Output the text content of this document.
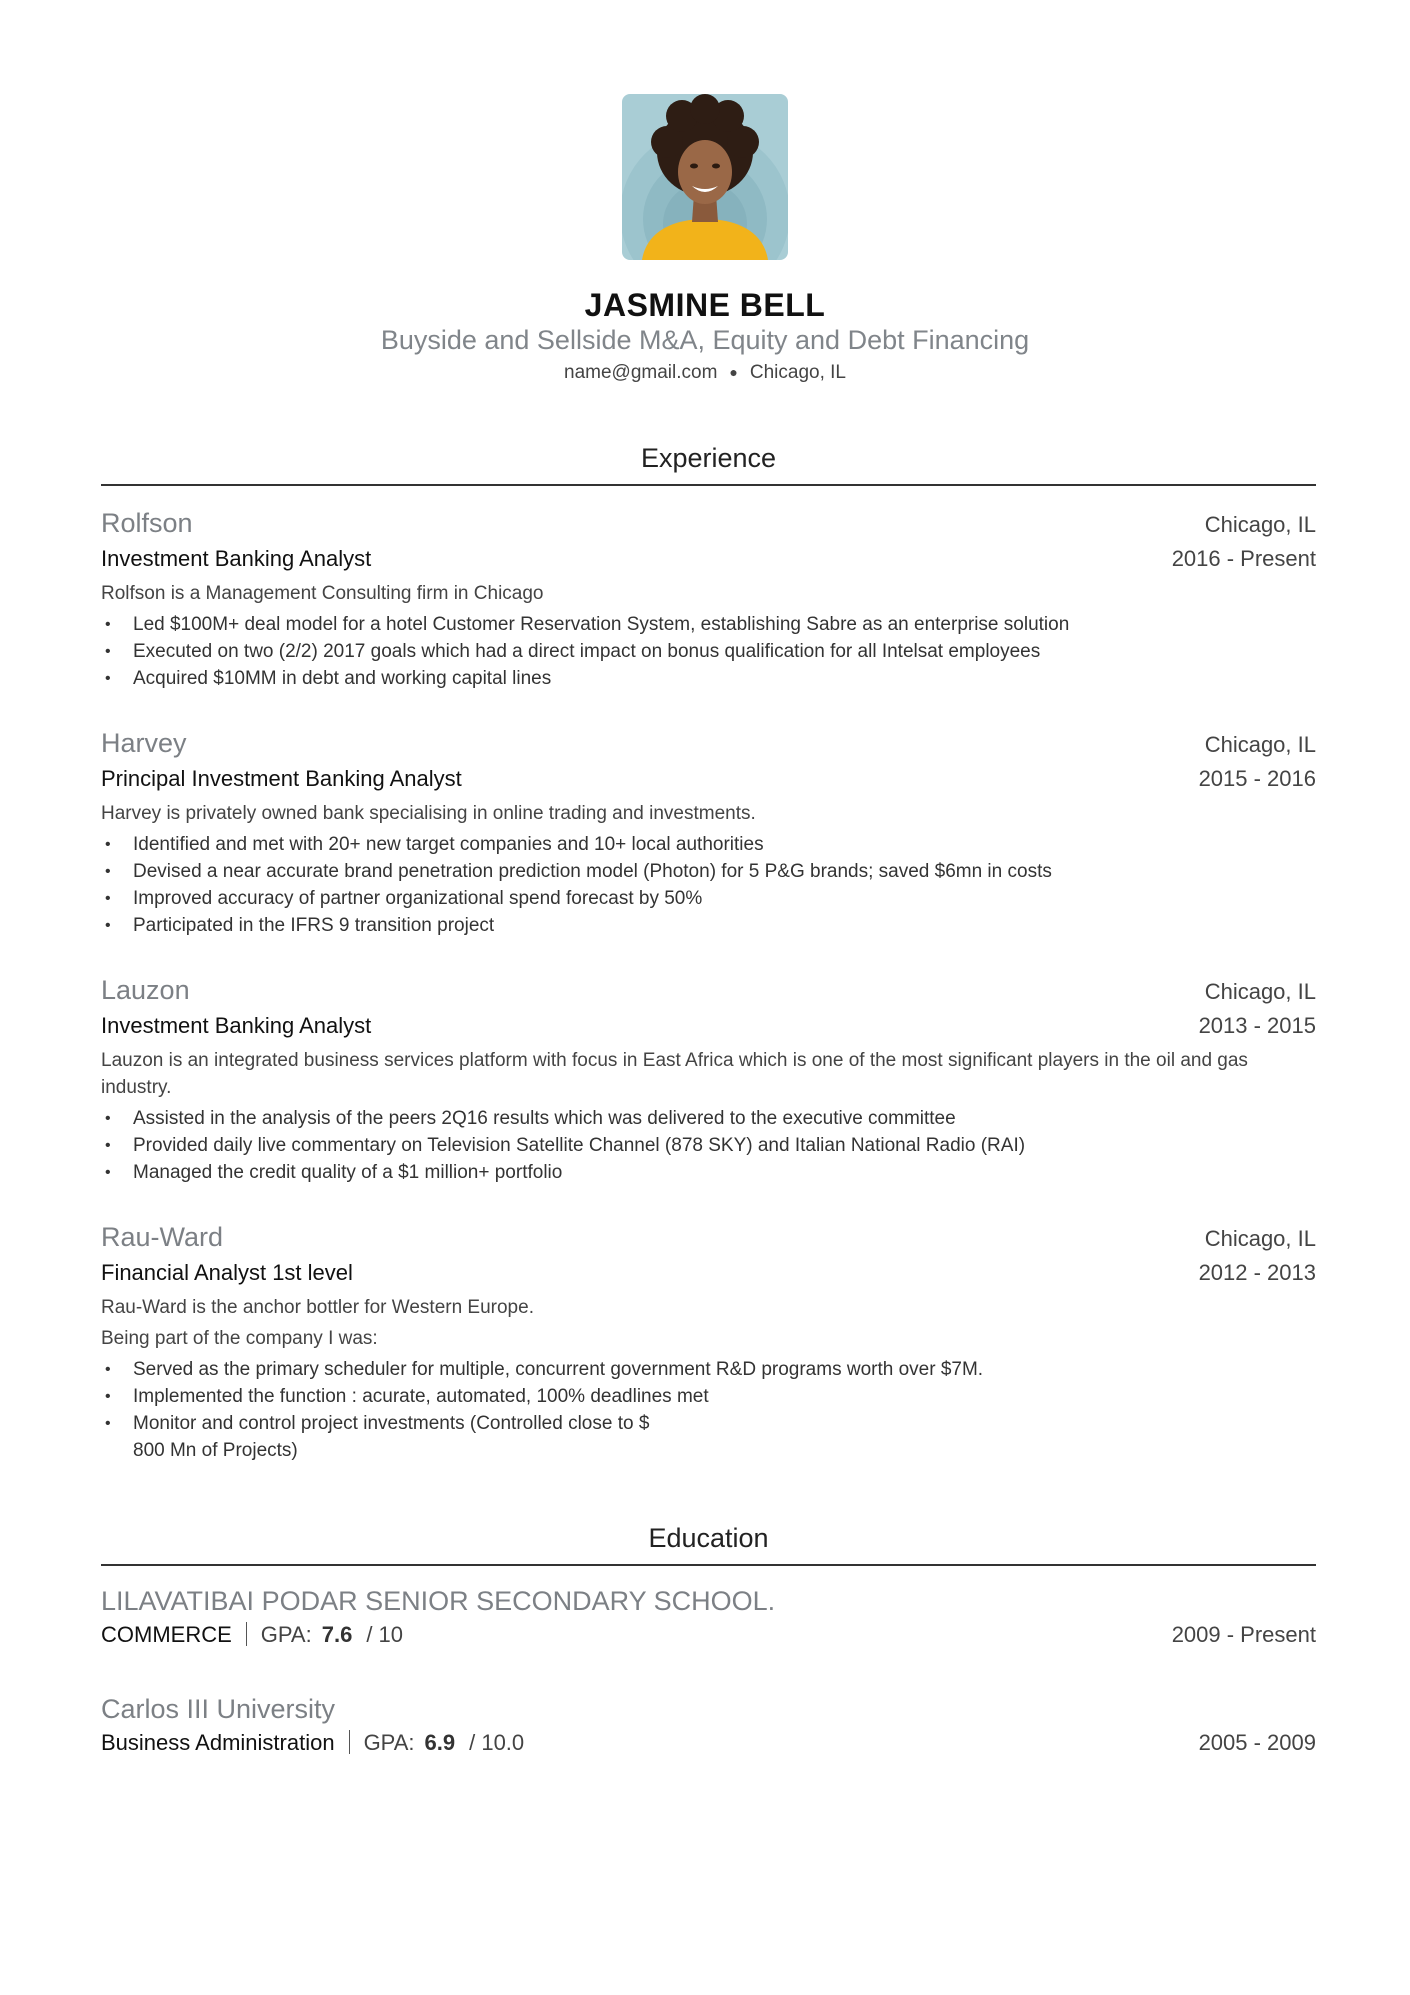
JASMINE BELL
Buyside and Sellside M&A, Equity and Debt Financing
name@gmail.com ● Chicago, IL
Experience
Rolfson	Chicago, IL
Investment Banking Analyst	2016 - Present
Rolfson is a Management Consulting firm in Chicago
• Led $100M+ deal model for a hotel Customer Reservation System, establishing Sabre as an enterprise solution
• Executed on two (2/2) 2017 goals which had a direct impact on bonus qualification for all Intelsat employees
• Acquired $10MM in debt and working capital lines
Harvey	Chicago, IL
Principal Investment Banking Analyst	2015 - 2016
Harvey is privately owned bank specialising in online trading and investments.
• Identified and met with 20+ new target companies and 10+ local authorities
• Devised a near accurate brand penetration prediction model (Photon) for 5 P&G brands; saved $6mn in costs
• Improved accuracy of partner organizational spend forecast by 50%
• Participated in the IFRS 9 transition project
Lauzon	Chicago, IL
Investment Banking Analyst	2013 - 2015
Lauzon is an integrated business services platform with focus in East Africa which is one of the most significant players in the oil and gas industry.
• Assisted in the analysis of the peers 2Q16 results which was delivered to the executive committee
• Provided daily live commentary on Television Satellite Channel (878 SKY) and Italian National Radio (RAI)
• Managed the credit quality of a $1 million+ portfolio
Rau-Ward	Chicago, IL
Financial Analyst 1st level	2012 - 2013
Rau-Ward is the anchor bottler for Western Europe.
Being part of the company I was:
• Served as the primary scheduler for multiple, concurrent government R&D programs worth over $7M.
• Implemented the function : acurate, automated, 100% deadlines met
• Monitor and control project investments (Controlled close to $
800 Mn of Projects)
Education
LILAVATIBAI PODAR SENIOR SECONDARY SCHOOL.
COMMERCE GPA: 7.6 / 10	2009 - Present
Carlos III University
Business Administration GPA: 6.9 / 10.0	2005 - 2009
